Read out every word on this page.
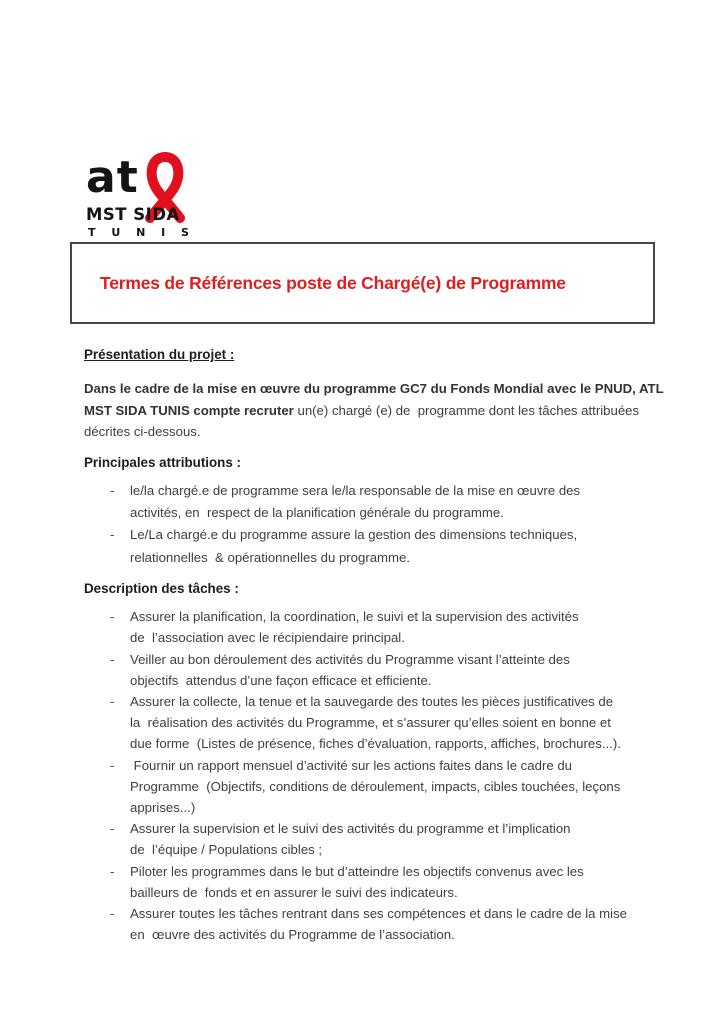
at
MST SIDA
T U N I S
Termes de Références poste de Chargé(e) de Programme
Présentation du projet :
Dans le cadre de la mise en œuvre du programme GC7 du Fonds Mondial avec le PNUD, ATL
MST SIDA TUNIS compte recruter un(e) chargé (e) de  programme dont les tâches attribuées
décrites ci-dessous.
Principales attributions :
-	le/la chargé.e de programme sera le/la responsable de la mise en œuvre des
activités, en  respect de la planification générale du programme.
-	Le/La chargé.e du programme assure la gestion des dimensions techniques,
relationnelles  & opérationnelles du programme.
Description des tâches :
-	Assurer la planification, la coordination, le suivi et la supervision des activités
de  l’association avec le récipiendaire principal.
-	Veiller au bon déroulement des activités du Programme visant l’atteinte des
objectifs  attendus d’une façon efficace et efficiente.
-	Assurer la collecte, la tenue et la sauvegarde des toutes les pièces justificatives de
la  réalisation des activités du Programme, et s’assurer qu’elles soient en bonne et
due forme  (Listes de présence, fiches d’évaluation, rapports, affiches, brochures...).
-	Fournir un rapport mensuel d’activité sur les actions faites dans le cadre du
Programme  (Objectifs, conditions de déroulement, impacts, cibles touchées, leçons
apprises...)
-	Assurer la supervision et le suivi des activités du programme et l’implication
de  l’équipe / Populations cibles ;
-	Piloter les programmes dans le but d’atteindre les objectifs convenus avec les
bailleurs de  fonds et en assurer le suivi des indicateurs.
-	Assurer toutes les tâches rentrant dans ses compétences et dans le cadre de la mise
en  œuvre des activités du Programme de l’association.
